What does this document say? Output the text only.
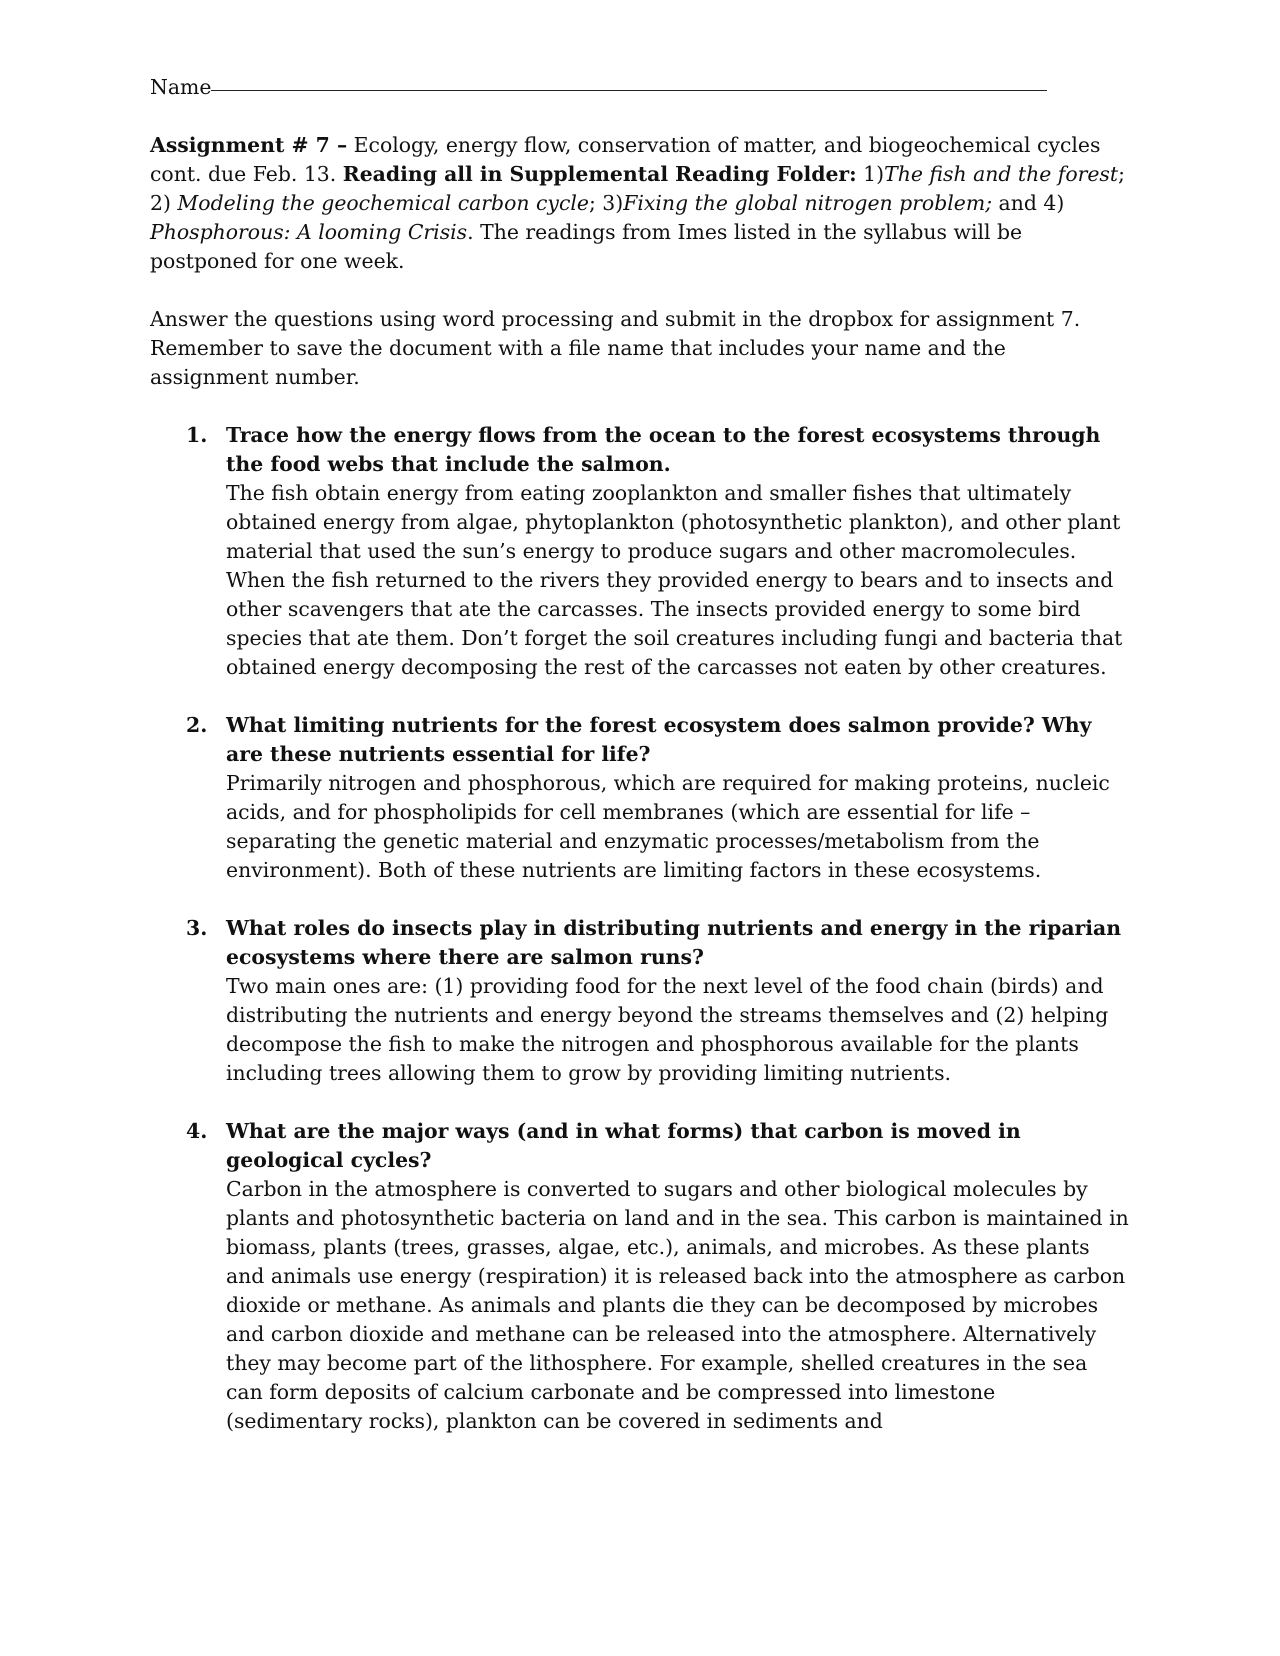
Name

Assignment # 7 – Ecology, energy flow, conservation of matter, and biogeochemical cycles cont. due Feb. 13. Reading all in Supplemental Reading Folder: 1)The fish and the forest; 2) Modeling the geochemical carbon cycle; 3)Fixing the global nitrogen problem; and 4) Phosphorous: A looming Crisis. The readings from Imes listed in the syllabus will be postponed for one week.

Answer the questions using word processing and submit in the dropbox for assignment 7. Remember to save the document with a file name that includes your name and the assignment number.

1. Trace how the energy flows from the ocean to the forest ecosystems through the food webs that include the salmon.
The fish obtain energy from eating zooplankton and smaller fishes that ultimately obtained energy from algae, phytoplankton (photosynthetic plankton), and other plant material that used the sun’s energy to produce sugars and other macromolecules. When the fish returned to the rivers they provided energy to bears and to insects and other scavengers that ate the carcasses. The insects provided energy to some bird species that ate them. Don’t forget the soil creatures including fungi and bacteria that obtained energy decomposing the rest of the carcasses not eaten by other creatures.
2. What limiting nutrients for the forest ecosystem does salmon provide? Why are these nutrients essential for life?
Primarily nitrogen and phosphorous, which are required for making proteins, nucleic acids, and for phospholipids for cell membranes (which are essential for life – separating the genetic material and enzymatic processes/metabolism from the environment). Both of these nutrients are limiting factors in these ecosystems.
3. What roles do insects play in distributing nutrients and energy in the riparian ecosystems where there are salmon runs?
Two main ones are: (1) providing food for the next level of the food chain (birds) and distributing the nutrients and energy beyond the streams themselves and (2) helping decompose the fish to make the nitrogen and phosphorous available for the plants including trees allowing them to grow by providing limiting nutrients.
4. What are the major ways (and in what forms) that carbon is moved in geological cycles?
Carbon in the atmosphere is converted to sugars and other biological molecules by plants and photosynthetic bacteria on land and in the sea. This carbon is maintained in biomass, plants (trees, grasses, algae, etc.), animals, and microbes. As these plants and animals use energy (respiration) it is released back into the atmosphere as carbon dioxide or methane. As animals and plants die they can be decomposed by microbes and carbon dioxide and methane can be released into the atmosphere. Alternatively they may become part of the lithosphere. For example, shelled creatures in the sea can form deposits of calcium carbonate and be compressed into limestone (sedimentary rocks), plankton can be covered in sediments and
